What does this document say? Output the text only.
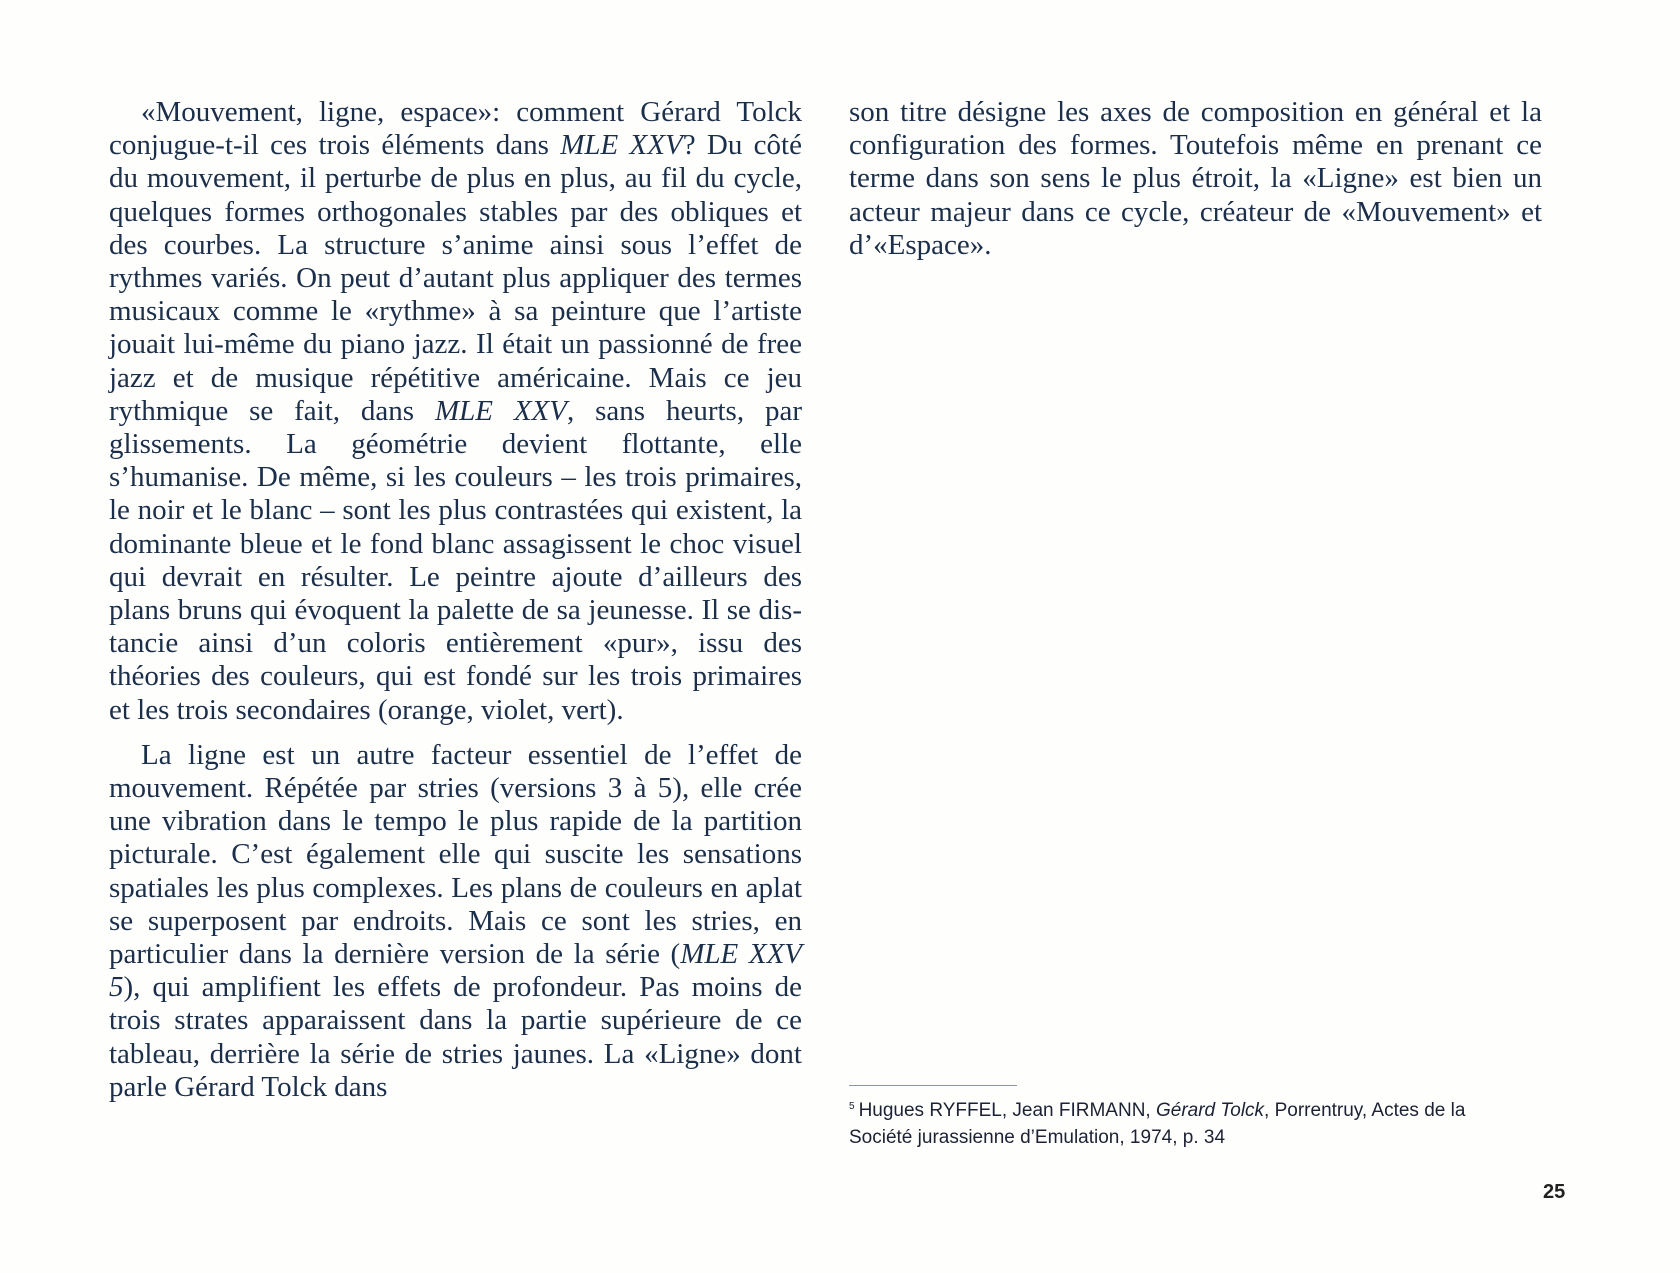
«Mouvement, ligne, espace»: comment Gérard Tolck conjugue-t-il ces trois éléments dans MLE XXV? Du côté du mouvement, il perturbe de plus en plus, au fil du cycle, quelques formes orthogonales stables par des obliques et des courbes. La structure s’anime ainsi sous l’effet de rythmes variés. On peut d’autant plus appliquer des termes musicaux comme le «rythme» à sa peinture que l’artiste jouait lui-même du piano jazz. Il était un passionné de free jazz et de musique répétitive américaine. Mais ce jeu rythmique se fait, dans MLE XXV, sans heurts, par glissements. La géométrie devient flottante, elle s’humanise. De même, si les couleurs – les trois primaires, le noir et le blanc – sont les plus contrastées qui existent, la dominante bleue et le fond blanc assagissent le choc visuel qui devrait en résulter. Le peintre ajoute d’ailleurs des plans bruns qui évoquent la palette de sa jeunesse. Il se distancie ainsi d’un coloris entièrement «pur», issu des théories des couleurs, qui est fondé sur les trois primaires et les trois secondaires (orange, violet, vert).

La ligne est un autre facteur essentiel de l’effet de mouvement. Répétée par stries (versions 3 à 5), elle crée une vibration dans le tempo le plus rapide de la partition picturale. C’est également elle qui suscite les sensations spatiales les plus complexes. Les plans de couleurs en aplat se superposent par endroits. Mais ce sont les stries, en particulier dans la dernière version de la série (MLE XXV 5), qui amplifient les effets de profondeur. Pas moins de trois strates apparaissent dans la partie supérieure de ce tableau, derrière la série de stries jaunes. La «Ligne» dont parle Gérard Tolck dans

son titre désigne les axes de composition en général et la configuration des formes. Toutefois même en prenant ce terme dans son sens le plus étroit, la «Ligne» est bien un acteur majeur dans ce cycle, créateur de «Mouvement» et d’«Espace».

$^5$ Hugues RYFFEL, Jean FIRMANN, Gérard Tolck, Porrentruy, Actes de la Société jurassienne d’Emulation, 1974, p. 34
25
